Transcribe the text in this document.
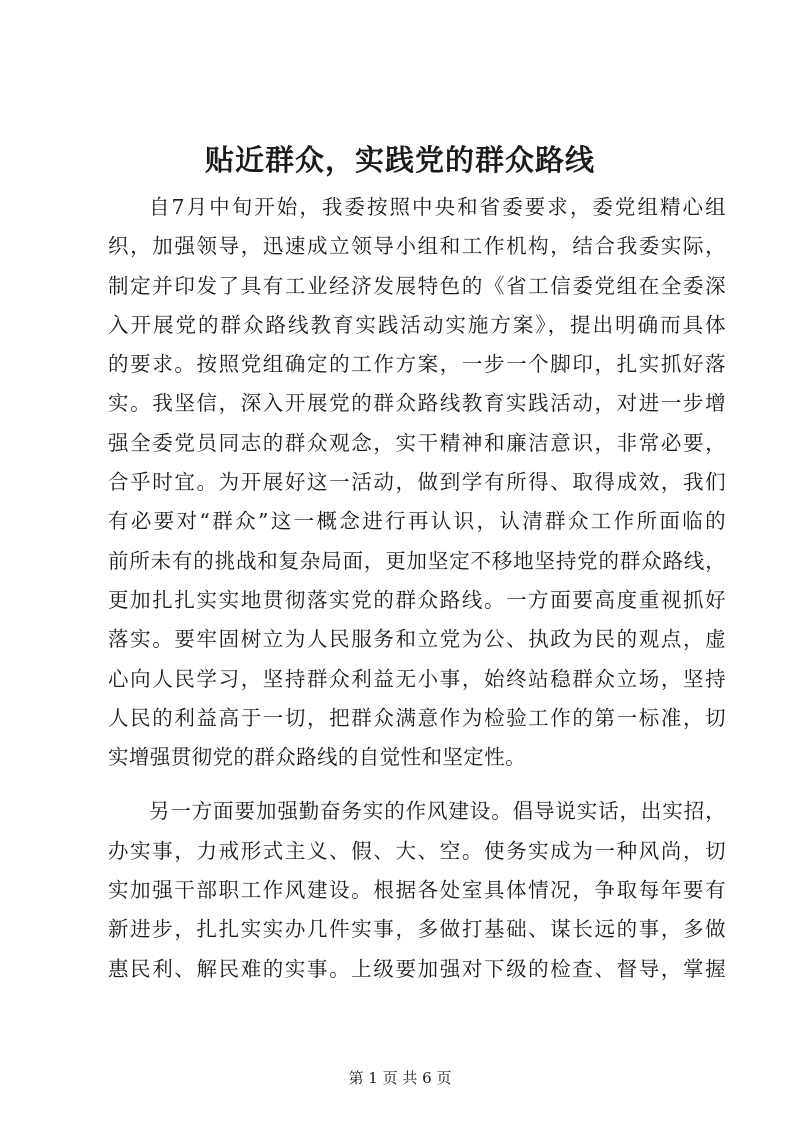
贴近群众，实践党的群众路线
自7月中旬开始，我委按照中央和省委要求，委党组精心组
织，加强领导，迅速成立领导小组和工作机构，结合我委实际，
制定并印发了具有工业经济发展特色的《省工信委党组在全委深
入开展党的群众路线教育实践活动实施方案》，提出明确而具体
的要求。按照党组确定的工作方案，一步一个脚印，扎实抓好落
实。我坚信，深入开展党的群众路线教育实践活动，对进一步增
强全委党员同志的群众观念，实干精神和廉洁意识，非常必要，
合乎时宜。为开展好这一活动，做到学有所得、取得成效，我们
有必要对“群众”这一概念进行再认识，认清群众工作所面临的
前所未有的挑战和复杂局面，更加坚定不移地坚持党的群众路线，
更加扎扎实实地贯彻落实党的群众路线。一方面要高度重视抓好
落实。要牢固树立为人民服务和立党为公、执政为民的观点，虚
心向人民学习，坚持群众利益无小事，始终站稳群众立场，坚持
人民的利益高于一切，把群众满意作为检验工作的第一标准，切
实增强贯彻党的群众路线的自觉性和坚定性。
另一方面要加强勤奋务实的作风建设。倡导说实话，出实招，
办实事，力戒形式主义、假、大、空。使务实成为一种风尚，切
实加强干部职工作风建设。根据各处室具体情况，争取每年要有
新进步，扎扎实实办几件实事，多做打基础、谋长远的事，多做
惠民利、解民难的实事。上级要加强对下级的检查、督导，掌握
第 1 页 共 6 页
